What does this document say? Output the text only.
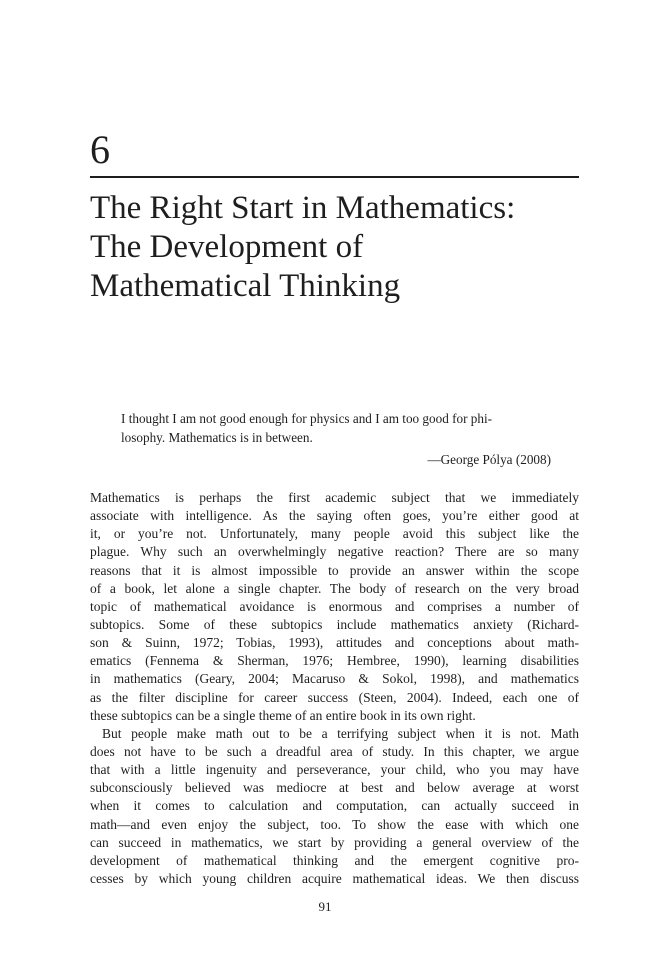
6
The Right Start in Mathematics:
The Development of
Mathematical Thinking
I thought I am not good enough for physics and I am too good for phi-
losophy. Mathematics is in between.
—George Pólya (2008)
Mathematics is perhaps the first academic subject that we immediately
associate with intelligence. As the saying often goes, you’re either good at
it, or you’re not. Unfortunately, many people avoid this subject like the
plague. Why such an overwhelmingly negative reaction? There are so many
reasons that it is almost impossible to provide an answer within the scope
of a book, let alone a single chapter. The body of research on the very broad
topic of mathematical avoidance is enormous and comprises a number of
subtopics. Some of these subtopics include mathematics anxiety (Richard-
son & Suinn, 1972; Tobias, 1993), attitudes and conceptions about math-
ematics (Fennema & Sherman, 1976; Hembree, 1990), learning disabilities
in mathematics (Geary, 2004; Macaruso & Sokol, 1998), and mathematics
as the filter discipline for career success (Steen, 2004). Indeed, each one of
these subtopics can be a single theme of an entire book in its own right.
But people make math out to be a terrifying subject when it is not. Math
does not have to be such a dreadful area of study. In this chapter, we argue
that with a little ingenuity and perseverance, your child, who you may have
subconsciously believed was mediocre at best and below average at worst
when it comes to calculation and computation, can actually succeed in
math—and even enjoy the subject, too. To show the ease with which one
can succeed in mathematics, we start by providing a general overview of the
development of mathematical thinking and the emergent cognitive pro-
cesses by which young children acquire mathematical ideas. We then discuss
91
